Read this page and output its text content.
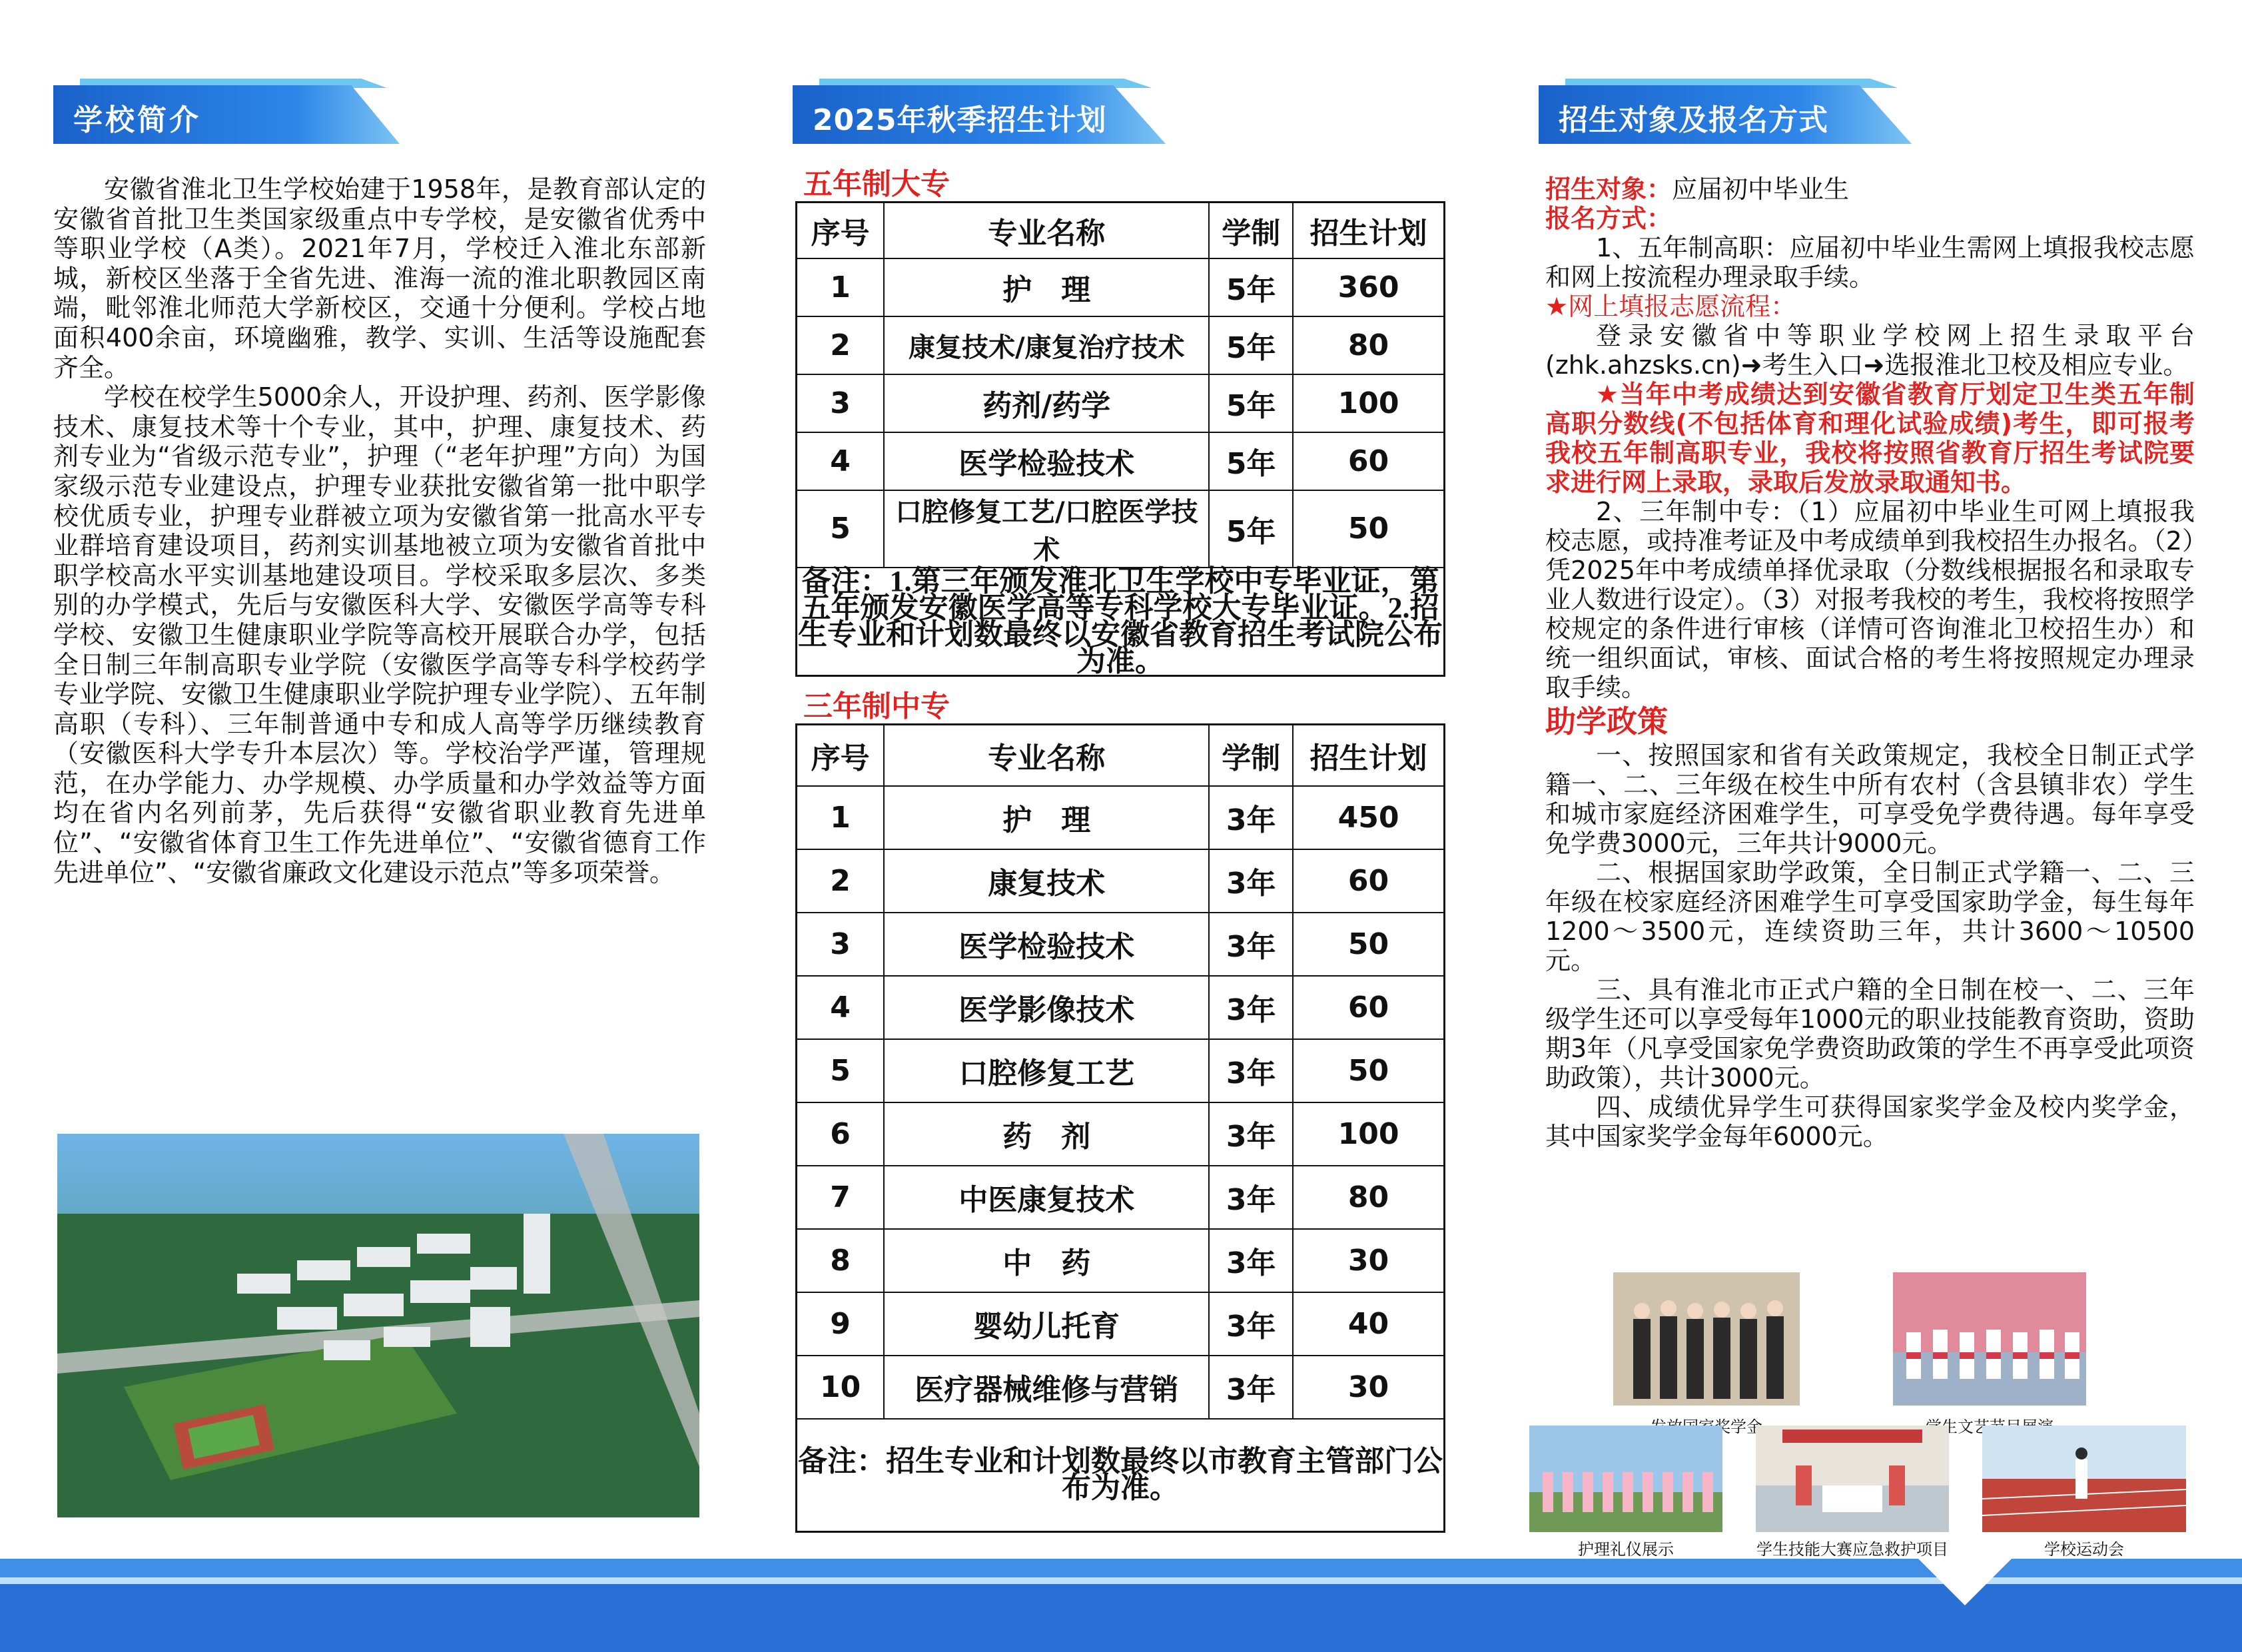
学校简介

安徽省淮北卫生学校始建于1958年，是教育部认定的安徽省首批卫生类国家级重点中专学校，是安徽省优秀中等职业学校（A类）。2021年7月，学校迁入淮北东部新城，新校区坐落于全省先进、淮海一流的淮北职教园区南端，毗邻淮北师范大学新校区，交通十分便利。学校占地面积400余亩，环境幽雅，教学、实训、生活等设施配套齐全。

学校在校学生5000余人，开设护理、药剂、医学影像技术、康复技术等十个专业，其中，护理、康复技术、药剂专业为“省级示范专业”，护理（“老年护理”方向）为国家级示范专业建设点，护理专业获批安徽省第一批中职学校优质专业，护理专业群被立项为安徽省第一批高水平专业群培育建设项目，药剂实训基地被立项为安徽省首批中职学校高水平实训基地建设项目。学校采取多层次、多类别的办学模式，先后与安徽医科大学、安徽医学高等专科学校、安徽卫生健康职业学院等高校开展联合办学，包括全日制三年制高职专业学院（安徽医学高等专科学校药学专业学院、安徽卫生健康职业学院护理专业学院）、五年制高职（专科）、三年制普通中专和成人高等学历继续教育（安徽医科大学专升本层次）等。学校治学严谨，管理规范，在办学能力、办学规模、办学质量和办学效益等方面均在省内名列前茅，先后获得“安徽省职业教育先进单位”、“安徽省体育卫生工作先进单位”、“安徽省德育工作先进单位”、“安徽省廉政文化建设示范点”等多项荣誉。

2025年秋季招生计划
五年制大专
序号	专业名称	学制	招生计划
1	护　理	5年	360
2	康复技术/康复治疗技术	5年	80
3	药剂/药学	5年	100
4	医学检验技术	5年	60
5	口腔修复工艺/口腔医学技术	5年	50
备注：1.第三年颁发淮北卫生学校中专毕业证，第五年颁发安徽医学高等专科学校大专毕业证。2.招生专业和计划数最终以安徽省教育招生考试院公布为准。			
三年制中专
序号	专业名称	学制	招生计划
1	护　理	3年	450
2	康复技术	3年	60
3	医学检验技术	3年	50
4	医学影像技术	3年	60
5	口腔修复工艺	3年	50
6	药　剂	3年	100
7	中医康复技术	3年	80
8	中　药	3年	30
9	婴幼儿托育	3年	40
10	医疗器械维修与营销	3年	30
备注：招生专业和计划数最终以市教育主管部门公布为准。			
招生对象及报名方式

招生对象：应届初中毕业生

报名方式：

1、五年制高职：应届初中毕业生需网上填报我校志愿和网上按流程办理录取手续。

★网上填报志愿流程：

登录安徽省中等职业学校网上招生录取平台(zhk.ahzsks.cn)➜考生入口➜选报淮北卫校及相应专业。

★当年中考成绩达到安徽省教育厅划定卫生类五年制高职分数线(不包括体育和理化试验成绩)考生，即可报考我校五年制高职专业，我校将按照省教育厅招生考试院要求进行网上录取，录取后发放录取通知书。

2、三年制中专：（1）应届初中毕业生可网上填报我校志愿，或持准考证及中考成绩单到我校招生办报名。（2）凭2025年中考成绩单择优录取（分数线根据报名和录取专业人数进行设定）。（3）对报考我校的考生，我校将按照学校规定的条件进行审核（详情可咨询淮北卫校招生办）和统一组织面试，审核、面试合格的考生将按照规定办理录取手续。

助学政策

一、按照国家和省有关政策规定，我校全日制正式学籍一、二、三年级在校生中所有农村（含县镇非农）学生和城市家庭经济困难学生，可享受免学费待遇。每年享受免学费3000元，三年共计9000元。

二、根据国家助学政策，全日制正式学籍一、二、三年级在校家庭经济困难学生可享受国家助学金，每生每年1200～3500元，连续资助三年，共计3600～10500元。

三、具有淮北市正式户籍的全日制在校一、二、三年级学生还可以享受每年1000元的职业技能教育资助，资助期3年（凡享受国家免学费资助政策的学生不再享受此项资助政策），共计3000元。

四、成绩优异学生可获得国家奖学金及校内奖学金，其中国家奖学金每年6000元。

护理礼仪展示	学生技能大赛应急救护项目	学校运动会
